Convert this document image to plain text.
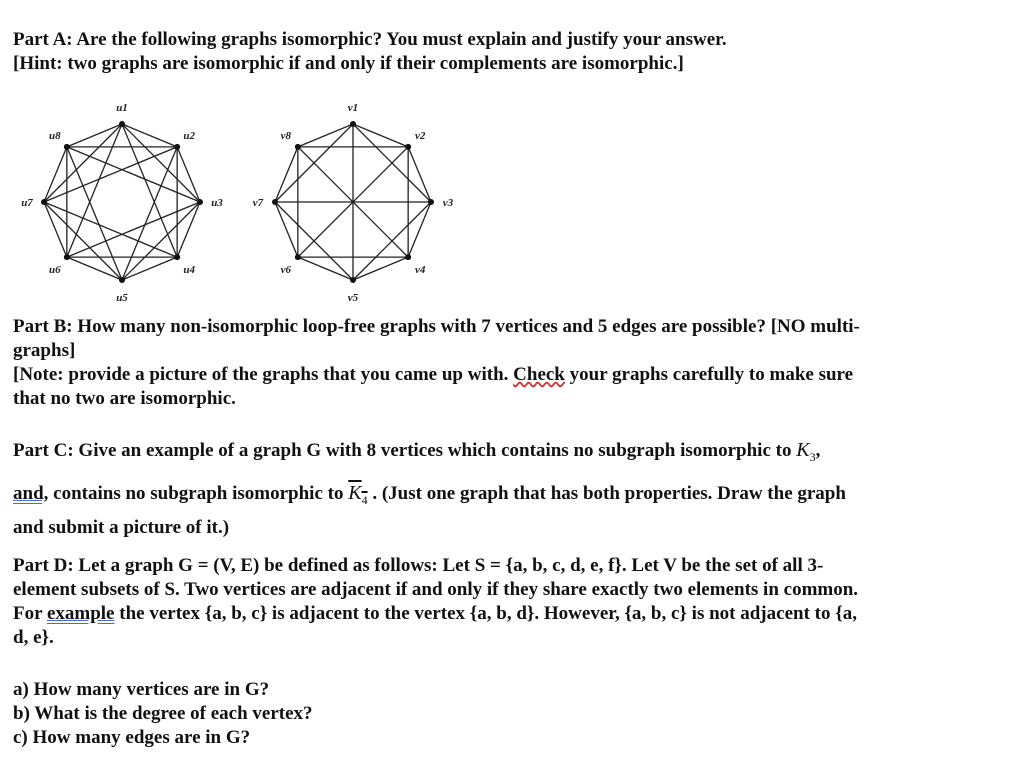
Part A: Are the following graphs isomorphic? You must explain and justify your answer.
[Hint: two graphs are isomorphic if and only if their complements are isomorphic.]
u1
u2
u3
u4
u5
u6
u7
u8
v1
v2
v3
v4
v5
v6
v7
v8
Part B: How many non-isomorphic loop-free graphs with 7 vertices and 5 edges are possible? [NO multi-
graphs]
[Note: provide a picture of the graphs that you came up with. Check your graphs carefully to make sure
that no two are isomorphic.
Part C: Give an example of a graph G with 8 vertices which contains no subgraph isomorphic to $K_3$,
and, contains no subgraph isomorphic to $K_4$ . (Just one graph that has both properties. Draw the graph
and submit a picture of it.)
Part D: Let a graph G = (V, E) be defined as follows: Let S = {a, b, c, d, e, f}. Let V be the set of all 3-
element subsets of S. Two vertices are adjacent if and only if they share exactly two elements in common.
For example the vertex {a, b, c} is adjacent to the vertex {a, b, d}. However, {a, b, c} is not adjacent to {a,
d, e}.
a) How many vertices are in G?
b) What is the degree of each vertex?
c) How many edges are in G?
